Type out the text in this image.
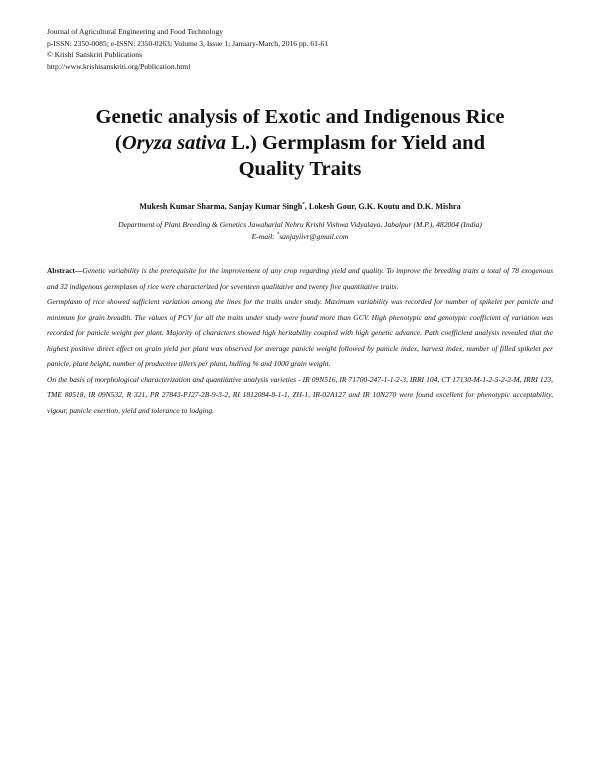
Journal of Agricultural Engineering and Food Technology
p-ISSN: 2350-0085; e-ISSN: 2350-0263; Volume 3, Issue 1; January-March, 2016 pp. 61-61
© Krishi Sanskriti Publications
http://www.krishisanskriti.org/Publication.html
Genetic analysis of Exotic and Indigenous Rice
(Oryza sativa L.) Germplasm for Yield and
Quality Traits
Mukesh Kumar Sharma, Sanjay Kumar Singh*, Lokesh Gour, G.K. Koutu and D.K. Mishra
Department of Plant Breeding & Genetics Jawaharlal Nehru Krishi Vishwa Vidyalaya, Jabalpur (M.P.), 482004 (India)
E-mail: *sanjayiivr@gmail.com

Abstract—Genetic variability is the prerequisite for the improvement of any crop regarding yield and quality. To improve the breeding traits a total of 78 exogenous and 32 indigenous germplasm of rice were characterized for seventeen qualitative and twenty five quantitative traits.

Germplasm of rice showed sufficient variation among the lines for the traits under study. Maximum variability was recorded for number of spikelet per panicle and minimum for grain breadth. The values of PCV for all the traits under study were found more than GCV. High phenotypic and genotypic coefficient of variation was recorded for panicle weight per plant. Majority of characters showed high heritability coupled with high genetic advance. Path coefficient analysis revealed that the highest positive direct effect on grain yield per plant was observed for average panicle weight followed by panicle index, harvest index, number of filled spikelet per panicle, plant height, number of productive tillers per plant, hulling % and 1000 grain weight.

On the basis of morphological characterization and quantitative analysis varieties - IR 09N516, IR 71700-247-1-1-2-3, IRRI 104, CT 17130-M-1-2-5-2-2-M, IRRI 123, TME 80518, IR 09N532, R 321, PR 27843-PJ27-2B-9-3-2, RI 1812084-8-1-1, ZH-1, IR-02A127 and IR 10N270 were found excellent for phenotypic acceptability, vigour, panicle exertion, yield and tolerance to lodging.
